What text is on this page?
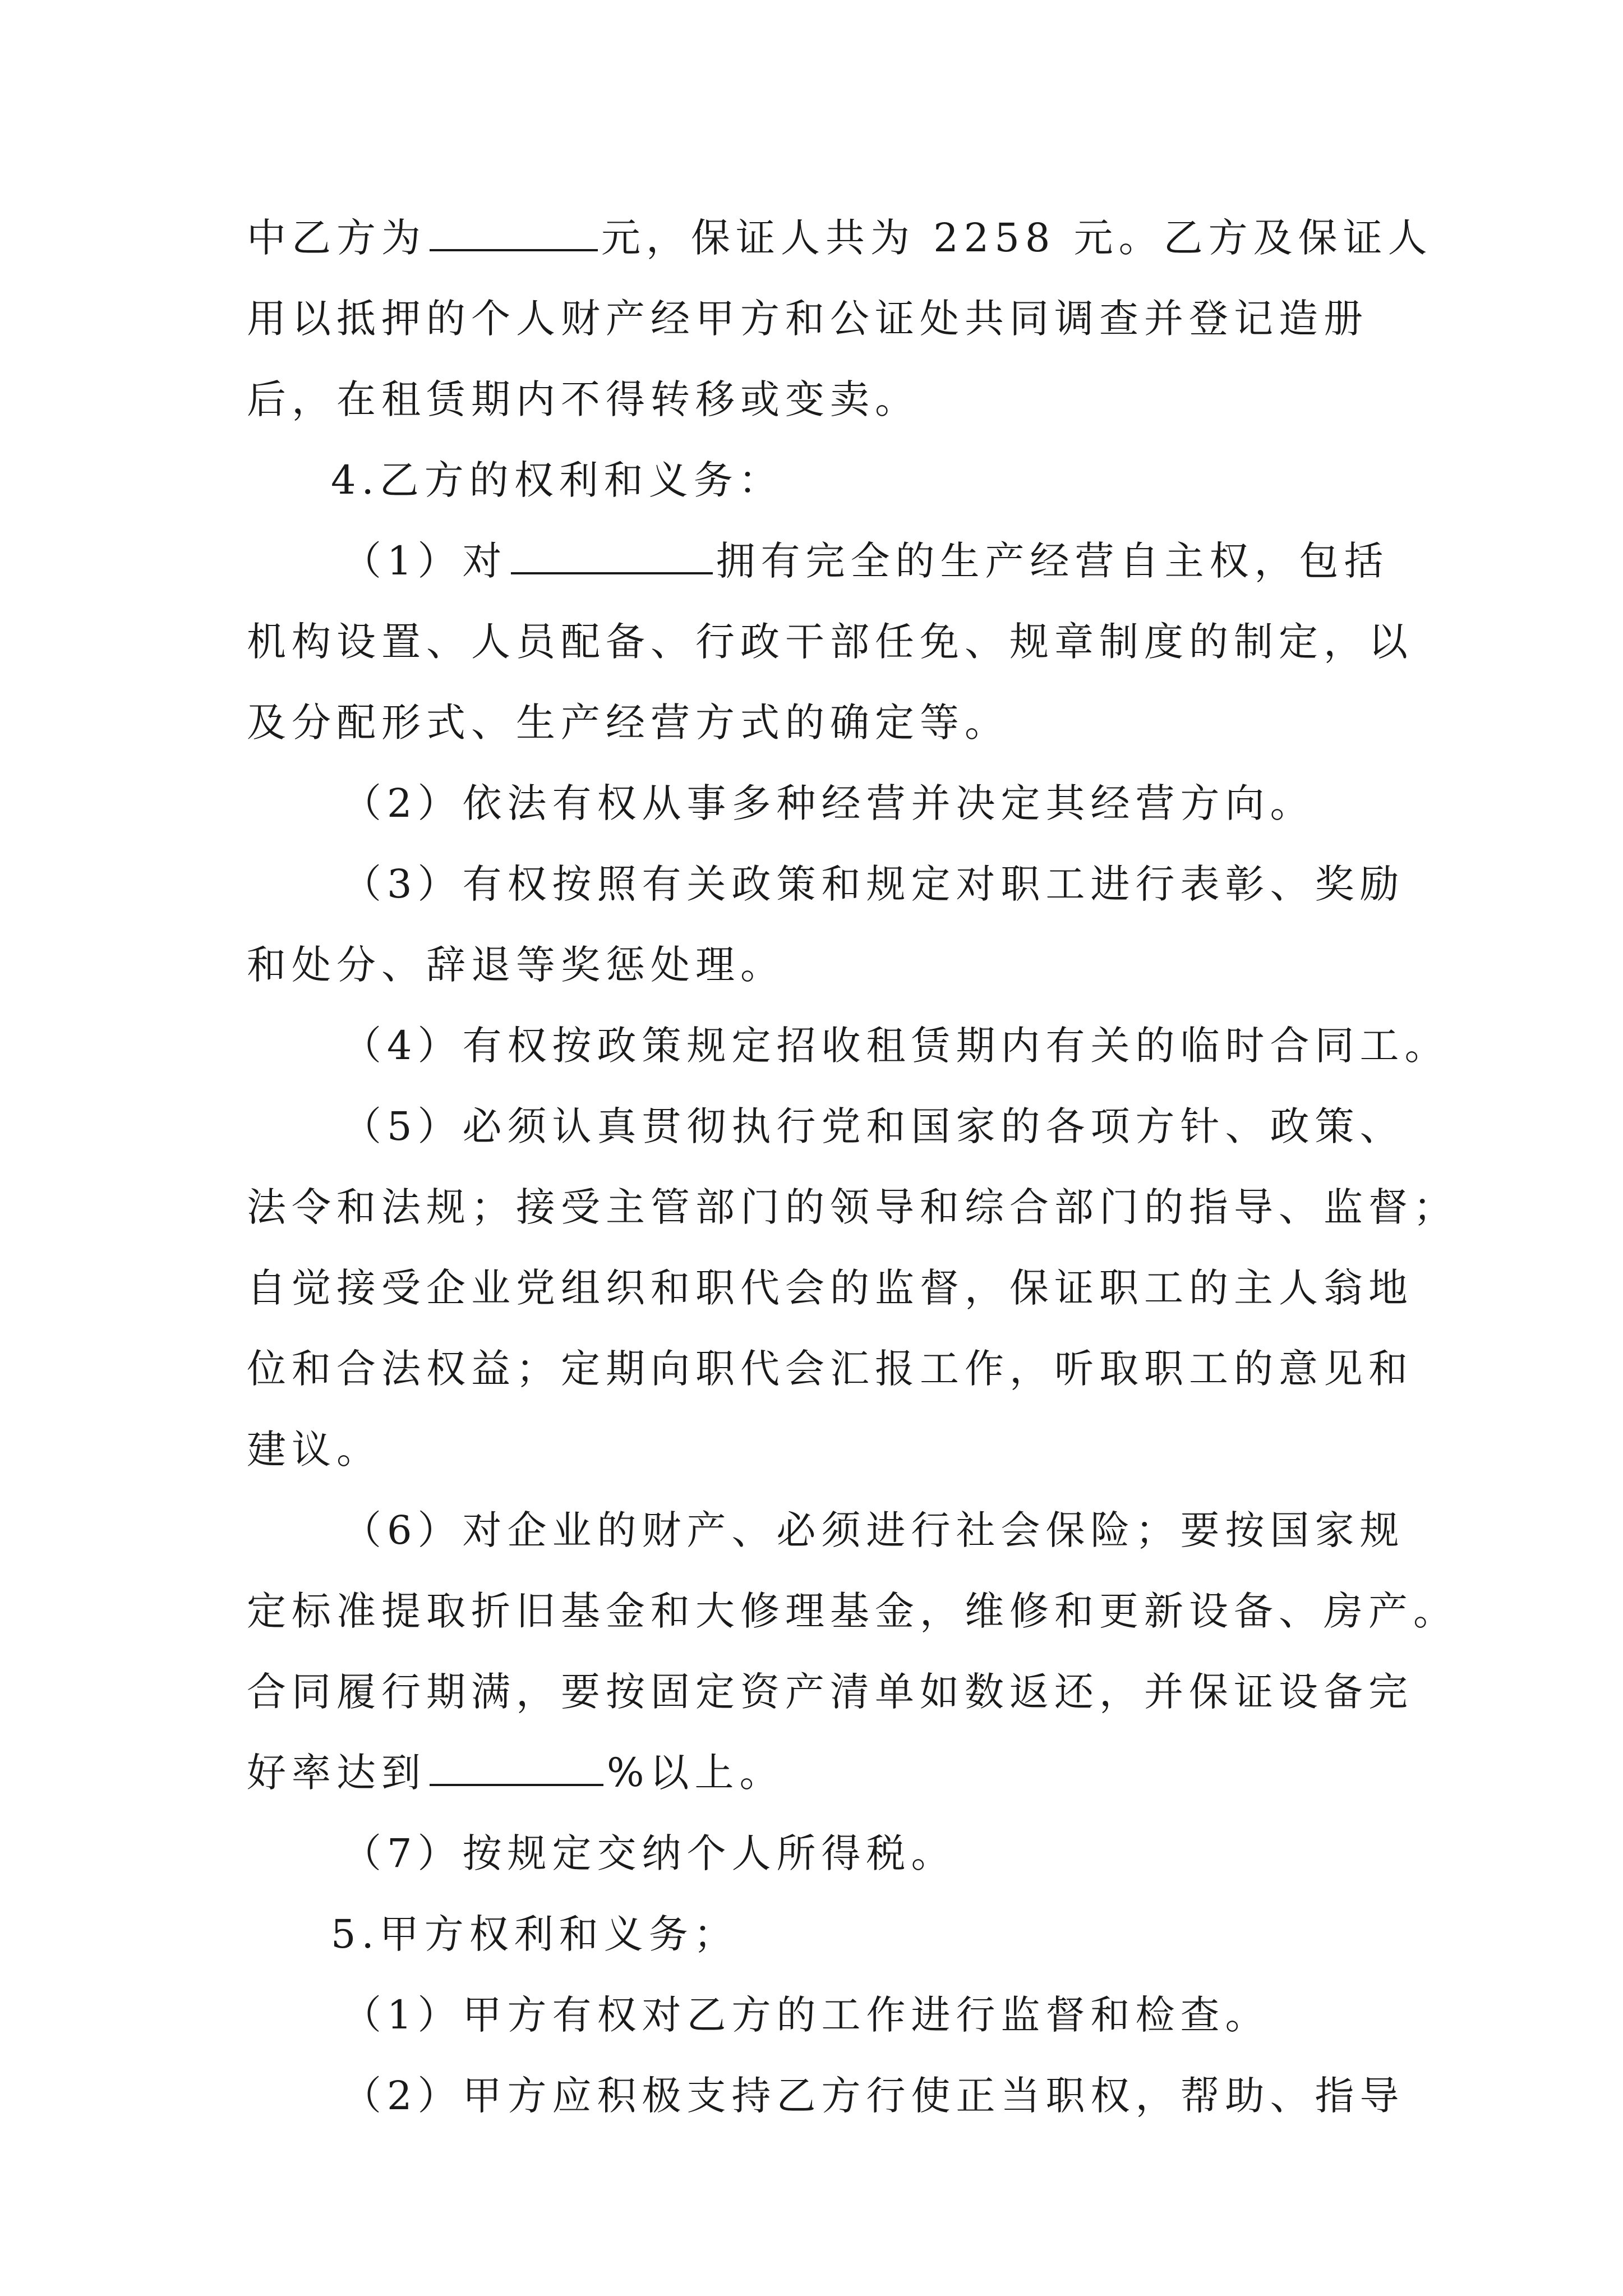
中乙方为	元，保证人共为 2258 元。乙方及保证人

用以抵押的个人财产经甲方和公证处共同调查并登记造册

后，在租赁期内不得转移或变卖。

4.乙方的权利和义务：

（1）对	拥有完全的生产经营自主权，包括

机构设置、人员配备、行政干部任免、规章制度的制定，以

及分配形式、生产经营方式的确定等。

（2）依法有权从事多种经营并决定其经营方向。

（3）有权按照有关政策和规定对职工进行表彰、奖励

和处分、辞退等奖惩处理。

（4）有权按政策规定招收租赁期内有关的临时合同工。

（5）必须认真贯彻执行党和国家的各项方针、政策、

法令和法规；接受主管部门的领导和综合部门的指导、监督；

自觉接受企业党组织和职代会的监督，保证职工的主人翁地

位和合法权益；定期向职代会汇报工作，听取职工的意见和

建议。

（6）对企业的财产、必须进行社会保险；要按国家规

定标准提取折旧基金和大修理基金，维修和更新设备、房产。

合同履行期满，要按固定资产清单如数返还，并保证设备完

好率达到	%以上。

（7）按规定交纳个人所得税。

5.甲方权利和义务；

（1）甲方有权对乙方的工作进行监督和检查。

（2）甲方应积极支持乙方行使正当职权，帮助、指导
